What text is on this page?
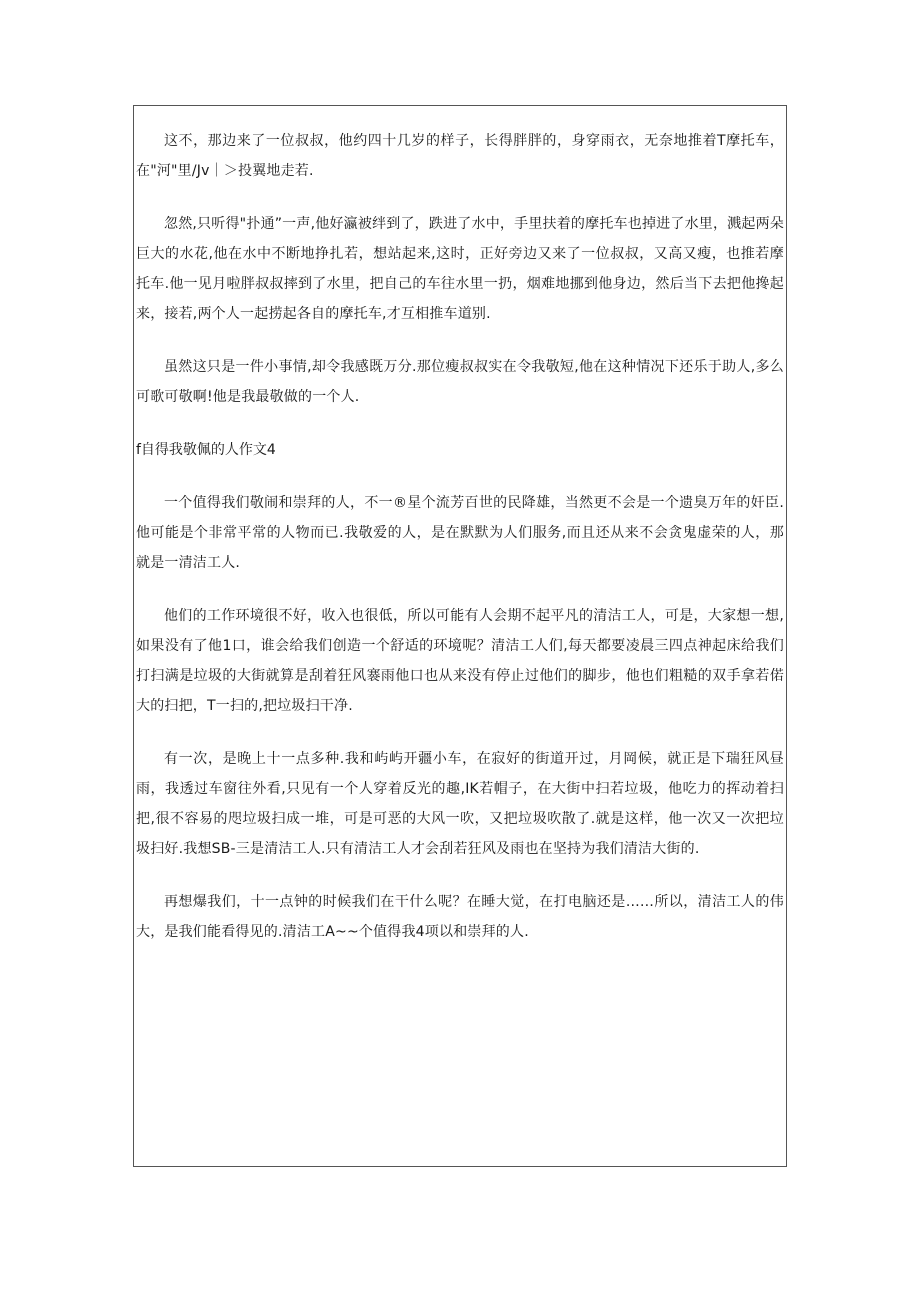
这不，那边来了一位叔叔，他约四十几岁的样子，长得胖胖的，身穿雨衣，无奈地推着T摩托车，在"河"里/Jv｜＞投翼地走若.

忽然,只听得"扑通”一声,他好瀛被绊到了，跌进了水中，手里扶着的摩托车也掉进了水里，溅起两朵巨大的水花,他在水中不断地挣扎若，想站起来,这时，正好旁边又来了一位叔叔，又高又瘦，也推若摩托车.他一见月啦胖叔叔摔到了水里，把自己的车往水里一扔，烟难地挪到他身边，然后当下去把他搀起来，接若,两个人一起捞起各自的摩托车,才互相推车道别.

虽然这只是一件小事情,却令我感既万分.那位瘦叔叔实在令我敬短,他在这种情况下还乐于助人,多么可歌可敬啊!他是我最敬做的一个人.

f自得我敬佩的人作文4

一个值得我们敬闹和崇拜的人，不一®星个流芳百世的民降雄，当然更不会是一个遗臭万年的奸臣.他可能是个非常平常的人物而已.我敬爱的人，是在默默为人们服务,而且还从来不会贪鬼虚荣的人，那就是一清洁工人.

他们的工作环境很不好，收入也很低，所以可能有人会期不起平凡的清洁工人，可是，大家想一想,如果没有了他1口，谁会给我们创造一个舒适的环境呢？清洁工人们,每天都要凌晨三四点神起床给我们打扫满是垃圾的大街就算是刮着狂风褰雨他口也从来没有停止过他们的脚步，他也们粗糙的双手拿若偌大的扫把，T一扫的,把垃圾扫干净.

有一次，是晚上十一点多种.我和屿屿开疆小车，在寂好的街道开过，月岡候，就正是下瑞狂风昼雨，我透过车窗往外看,只见有一个人穿着反光的趣,IK若帽子，在大街中扫若垃圾，他吃力的挥动着扫把,很不容易的咫垃圾扫成一堆，可是可恶的大风一吹，又把垃圾吹散了.就是这样，他一次又一次把垃圾扫好.我想SB-三是清洁工人.只有清洁工人才会刮若狂风及雨也在坚持为我们清洁大街的.

再想爆我们，十一点钟的时候我们在干什么呢？在睡大觉，在打电脑还是……所以，清洁工人的伟大，是我们能看得见的.清洁工A~~个值得我4项以和崇拜的人.
